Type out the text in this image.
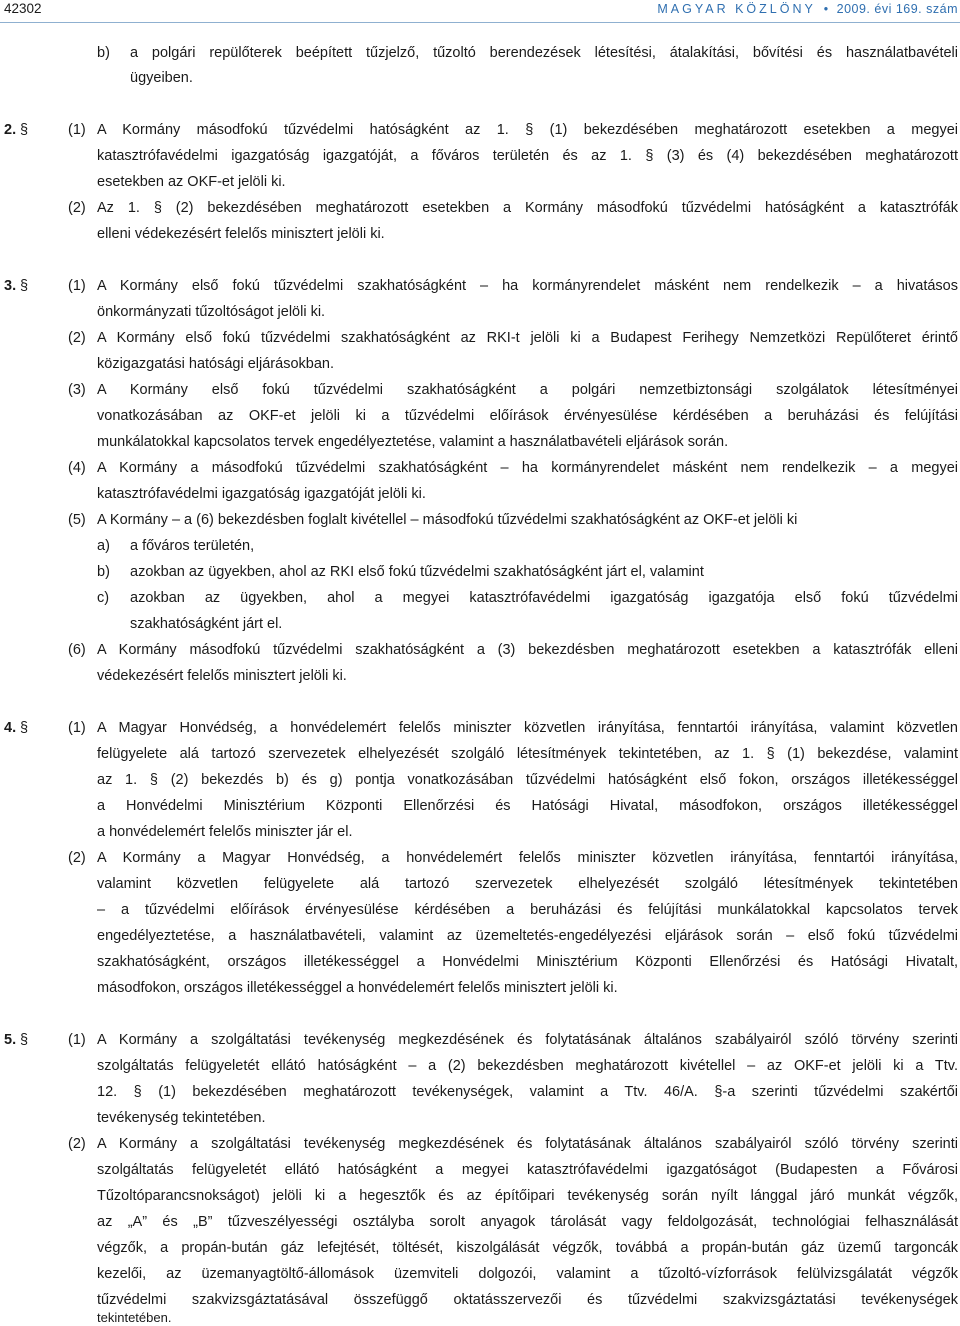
42302	MAGYAR KÖZLÖNY  •  2009. évi 169. szám
b) a polgári repülőterek beépített tűzjelző, tűzoltó berendezések létesítési, átalakítási, bővítési és használatbavételi
ügyeiben.
2. §	(1) A Kormány másodfokú tűzvédelmi hatóságként az 1. § (1) bekezdésében meghatározott esetekben a megyei
katasztrófavédelmi igazgatóság igazgatóját, a főváros területén és az 1. § (3) és (4) bekezdésében meghatározott
esetekben az OKF-et jelöli ki.
(2) Az 1. § (2) bekezdésében meghatározott esetekben a Kormány másodfokú tűzvédelmi hatóságként a katasztrófák
elleni védekezésért felelős minisztert jelöli ki.
3. §	(1) A Kormány első fokú tűzvédelmi szakhatóságként – ha kormányrendelet másként nem rendelkezik – a hivatásos
önkormányzati tűzoltóságot jelöli ki.
(2) A Kormány első fokú tűzvédelmi szakhatóságként az RKI-t jelöli ki a Budapest Ferihegy Nemzetközi Repülőteret érintő
közigazgatási hatósági eljárásokban.
(3) A Kormány első fokú tűzvédelmi szakhatóságként a polgári nemzetbiztonsági szolgálatok létesítményei
vonatkozásában az OKF-et jelöli ki a tűzvédelmi előírások érvényesülése kérdésében a beruházási és felújítási
munkálatokkal kapcsolatos tervek engedélyeztetése, valamint a használatbavételi eljárások során.
(4) A Kormány a másodfokú tűzvédelmi szakhatóságként – ha kormányrendelet másként nem rendelkezik – a megyei
katasztrófavédelmi igazgatóság igazgatóját jelöli ki.
(5) A Kormány – a (6) bekezdésben foglalt kivétellel – másodfokú tűzvédelmi szakhatóságként az OKF-et jelöli ki
a) a főváros területén,
b) azokban az ügyekben, ahol az RKI első fokú tűzvédelmi szakhatóságként járt el, valamint
c) azokban az ügyekben, ahol a megyei katasztrófavédelmi igazgatóság igazgatója első fokú tűzvédelmi
szakhatóságként járt el.
(6) A Kormány másodfokú tűzvédelmi szakhatóságként a (3) bekezdésben meghatározott esetekben a katasztrófák elleni
védekezésért felelős minisztert jelöli ki.
4. §	(1) A Magyar Honvédség, a honvédelemért felelős miniszter közvetlen irányítása, fenntartói irányítása, valamint közvetlen
felügyelete alá tartozó szervezetek elhelyezését szolgáló létesítmények tekintetében, az 1. § (1) bekezdése, valamint
az 1. § (2) bekezdés b) és g) pontja vonatkozásában tűzvédelmi hatóságként első fokon, országos illetékességgel
a Honvédelmi Minisztérium Központi Ellenőrzési és Hatósági Hivatal, másodfokon, országos illetékességgel
a honvédelemért felelős miniszter jár el.
(2) A Kormány a Magyar Honvédség, a honvédelemért felelős miniszter közvetlen irányítása, fenntartói irányítása,
valamint közvetlen felügyelete alá tartozó szervezetek elhelyezését szolgáló létesítmények tekintetében
– a tűzvédelmi előírások érvényesülése kérdésében a beruházási és felújítási munkálatokkal kapcsolatos tervek
engedélyeztetése, a használatbavételi, valamint az üzemeltetés-engedélyezési eljárások során – első fokú tűzvédelmi
szakhatóságként, országos illetékességgel a Honvédelmi Minisztérium Központi Ellenőrzési és Hatósági Hivatalt,
másodfokon, országos illetékességgel a honvédelemért felelős minisztert jelöli ki.
5. §	(1) A Kormány a szolgáltatási tevékenység megkezdésének és folytatásának általános szabályairól szóló törvény szerinti
szolgáltatás felügyeletét ellátó hatóságként – a (2) bekezdésben meghatározott kivétellel – az OKF-et jelöli ki a Ttv.
12. § (1) bekezdésében meghatározott tevékenységek, valamint a Ttv. 46/A. §-a szerinti tűzvédelmi szakértői
tevékenység tekintetében.
(2) A Kormány a szolgáltatási tevékenység megkezdésének és folytatásának általános szabályairól szóló törvény szerinti
szolgáltatás felügyeletét ellátó hatóságként a megyei katasztrófavédelmi igazgatóságot (Budapesten a Fővárosi
Tűzoltóparancsnokságot) jelöli ki a hegesztők és az építőipari tevékenység során nyílt lánggal járó munkát végzők,
az „A” és „B” tűzveszélyességi osztályba sorolt anyagok tárolását vagy feldolgozását, technológiai felhasználását
végzők, a propán-bután gáz lefejtését, töltését, kiszolgálását végzők, továbbá a propán-bután gáz üzemű targoncák
kezelői, az üzemanyagtöltő-állomások üzemviteli dolgozói, valamint a tűzoltó-vízforrások felülvizsgálatát végzők
tűzvédelmi szakvizsgáztatásával összefüggő oktatásszervezői és tűzvédelmi szakvizsgáztatási tevékenységek
tekintetében.
